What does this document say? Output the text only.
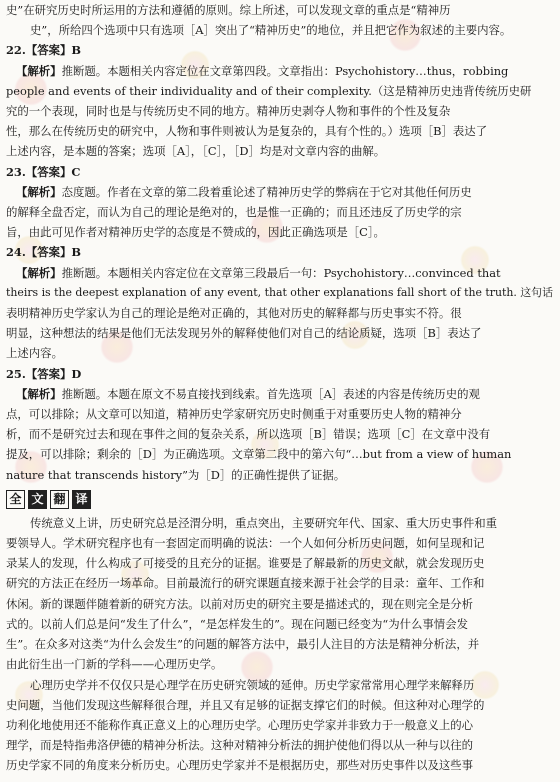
史”在研究历史时所运用的方法和遵循的原则。综上所述，可以发现文章的重点是“精神历

史”，所给四个选项中只有选项［A］突出了“精神历史”的地位，并且把它作为叙述的主要内容。

22.【答案】B

【解析】推断题。本题相关内容定位在文章第四段。文章指出：Psychohistory…thus，robbing

people and events of their individuality and of their complexity.（这是精神历史违背传统历史研

究的一个表现，同时也是与传统历史不同的地方。精神历史剥夺人物和事件的个性及复杂

性，那么在传统历史的研究中，人物和事件则被认为是复杂的，具有个性的。）选项［B］表达了

上述内容，是本题的答案；选项［A］，［C］，［D］均是对文章内容的曲解。

23.【答案】C

【解析】态度题。作者在文章的第二段着重论述了精神历史学的弊病在于它对其他任何历史

的解释全盘否定，而认为自己的理论是绝对的，也是惟一正确的；而且还违反了历史学的宗

旨，由此可见作者对精神历史学的态度是不赞成的，因此正确选项是［C］。

24.【答案】B

【解析】推断题。本题相关内容定位在文章第三段最后一句：Psychohistory…convinced that

theirs is the deepest explanation of any event, that other explanations fall short of the truth. 这句话

表明精神历史学家认为自己的理论是绝对正确的，其他对历史的解释都与历史事实不符。很

明显，这种想法的结果是他们无法发现另外的解释使他们对自己的结论质疑，选项［B］表达了

上述内容。

25.【答案】D

【解析】推断题。本题在原文不易直接找到线索。首先选项［A］表述的内容是传统历史的观

点，可以排除；从文章可以知道，精神历史学家研究历史时侧重于对重要历史人物的精神分

析，而不是研究过去和现在事件之间的复杂关系，所以选项［B］错误；选项［C］在文章中没有

提及，可以排除；剩余的［D］为正确选项。文章第二段中的第六句“…but from a view of human

nature that transcends history”为［D］的正确性提供了证据。

全 文 翻 译

传统意义上讲，历史研究总是泾渭分明，重点突出，主要研究年代、国家、重大历史事件和重

要领导人。学术研究程序也有一套固定而明确的说法：一个人如何分析历史问题，如何呈现和记

录某人的发现，什么构成了可接受的且充分的证据。谁要是了解最新的历史文献，就会发现历史

研究的方法正在经历一场革命。目前最流行的研究课题直接来源于社会学的目录：童年、工作和

休闲。新的课题伴随着新的研究方法。以前对历史的研究主要是描述式的，现在则完全是分析

式的。以前人们总是问“发生了什么”，“是怎样发生的”。现在问题已经变为“为什么事情会发

生”。在众多对这类“为什么会发生”的问题的解答方法中，最引人注目的方法是精神分析法，并

由此衍生出一门新的学科——心理历史学。

心理历史学并不仅仅只是心理学在历史研究领域的延伸。历史学家常常用心理学来解释历

史问题，当他们发现这些解释很合理，并且又有足够的证据支撑它们的时候。但这种对心理学的

功利化地使用还不能称作真正意义上的心理历史学。心理历史学家并非致力于一般意义上的心

理学，而是特指弗洛伊德的精神分析法。这种对精神分析法的拥护使他们得以从一种与以往的

历史学家不同的角度来分析历史。心理历史学家并不是根据历史，那些对历史事件以及这些事
